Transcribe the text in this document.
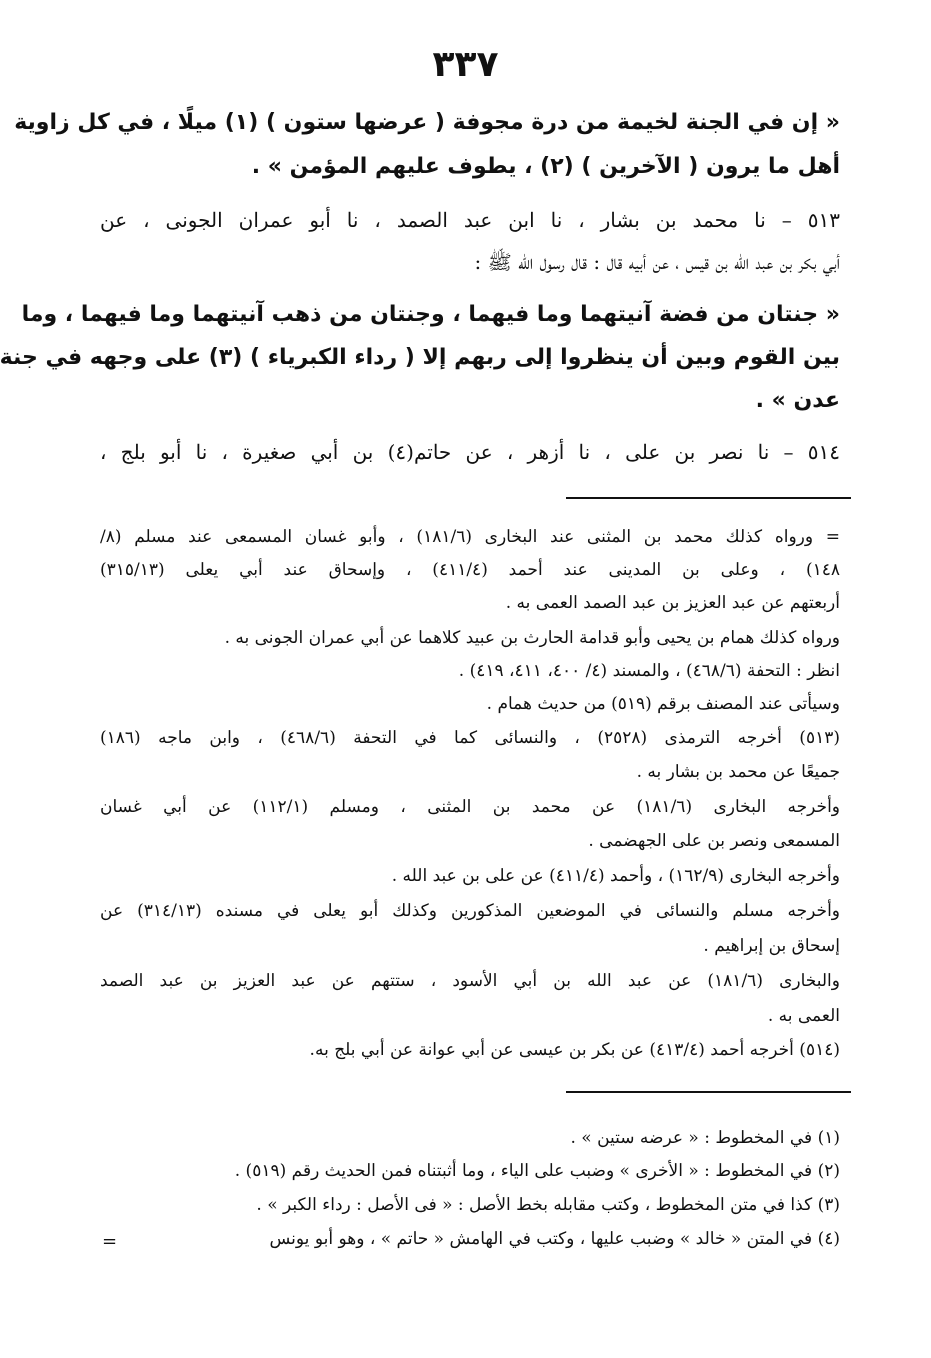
٣٣٧
« إن في الجنة لخيمة من درة مجوفة ( عرضها ستون ) (١) ميلًا ، في كل زاوية
أهل ما يرون ( الآخرين ) (٢) ، يطوف عليهم المؤمن » .
٥١٣ – نا محمد بن بشار ، نا ابن عبد الصمد ، نا أبو عمران الجونى ، عن
أبي بكر بن عبد الله بن قيس ، عن أبيه قال : قال رسول الله ﷺ :
« جنتان من فضة آنيتهما وما فيهما ، وجنتان من ذهب آنيتهما وما فيهما ، وما
بين القوم وبين أن ينظروا إلى ربهم إلا ( رداء الكبرياء ) (٣) على وجهه في جنة
عدن » .
٥١٤ – نا نصر بن على ، نا أزهر ، عن حاتم(٤) بن أبي صغيرة ، نا أبو بلج ،
= ورواه كذلك محمد بن المثنى عند البخارى (١٨١/٦) ، وأبو غسان المسمعى عند مسلم (٨/
١٤٨) ، وعلى بن المدينى عند أحمد (٤١١/٤) ، وإسحاق عند أبي يعلى (٣١٥/١٣)
أربعتهم عن عبد العزيز بن عبد الصمد العمى به .
ورواه كذلك همام بن يحيى وأبو قدامة الحارث بن عبيد كلاهما عن أبي عمران الجونى به .
انظر : التحفة (٤٦٨/٦) ، والمسند (٤/ ٤٠٠، ٤١١، ٤١٩) .
وسيأتى عند المصنف برقم (٥١٩) من حديث همام .
(٥١٣) أخرجه الترمذى (٢٥٢٨) ، والنسائى كما في التحفة (٤٦٨/٦) ، وابن ماجه (١٨٦)
جميعًا عن محمد بن بشار به .
وأخرجه البخارى (١٨١/٦) عن محمد بن المثنى ، ومسلم (١١٢/١) عن أبي غسان
المسمعى ونصر بن على الجهضمى .
وأخرجه البخارى (١٦٢/٩) ، وأحمد (٤١١/٤) عن على بن عبد الله .
وأخرجه مسلم والنسائى في الموضعين المذكورين وكذلك أبو يعلى في مسنده (٣١٤/١٣) عن
إسحاق بن إبراهيم .
والبخارى (١٨١/٦) عن عبد الله بن أبي الأسود ، ستتهم عن عبد العزيز بن عبد الصمد
العمى به .
(٥١٤) أخرجه أحمد (٤١٣/٤) عن بكر بن عيسى عن أبي عوانة عن أبي بلج به.
(١) في المخطوط : « عرضه ستين » .
(٢) في المخطوط : « الأخرى » وضبب على الياء ، وما أثبتناه فمن الحديث رقم (٥١٩) .
(٣) كذا في متن المخطوط ، وكتب مقابله بخط الأصل : « فى الأصل : رداء الكبر » .
(٤) في المتن « خالد » وضبب عليها ، وكتب في الهامش « حاتم » ، وهو أبو يونس
=
